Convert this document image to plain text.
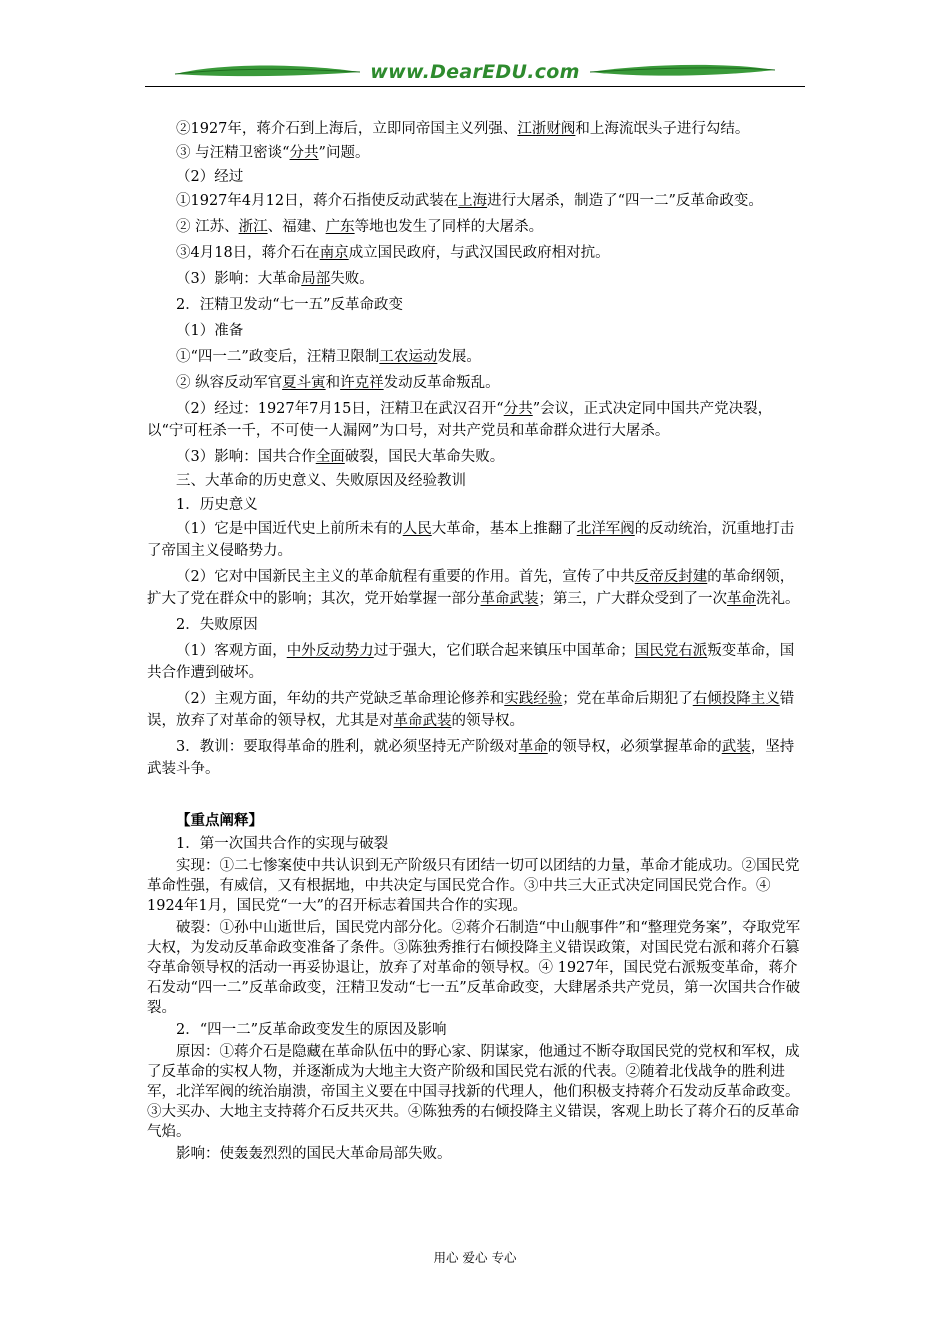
www.DearEDU.com

②1927年，蒋介石到上海后，立即同帝国主义列强、江浙财阀和上海流氓头子进行勾结。

③ 与汪精卫密谈“分共”问题。

（2）经过

①1927年4月12日，蒋介石指使反动武装在上海进行大屠杀，制造了“四一二”反革命政变。

② 江苏、浙江、福建、广东等地也发生了同样的大屠杀。

③4月18日，蒋介石在南京成立国民政府，与武汉国民政府相对抗。

（3）影响：大革命局部失败。

2．汪精卫发动“七一五”反革命政变

（1）准备

①“四一二”政变后，汪精卫限制工农运动发展。

② 纵容反动军官夏斗寅和许克祥发动反革命叛乱。

（2）经过：1927年7月15日，汪精卫在武汉召开“分共”会议，正式决定同中国共产党决裂，以“宁可枉杀一千，不可使一人漏网”为口号，对共产党员和革命群众进行大屠杀。

（3）影响：国共合作全面破裂，国民大革命失败。

三、大革命的历史意义、失败原因及经验教训

1．历史意义

（1）它是中国近代史上前所未有的人民大革命，基本上推翻了北洋军阀的反动统治，沉重地打击了帝国主义侵略势力。

（2）它对中国新民主主义的革命航程有重要的作用。首先，宣传了中共反帝反封建的革命纲领，扩大了党在群众中的影响；其次，党开始掌握一部分革命武装；第三，广大群众受到了一次革命洗礼。

2．失败原因

（1）客观方面，中外反动势力过于强大，它们联合起来镇压中国革命；国民党右派叛变革命，国共合作遭到破坏。

（2）主观方面，年幼的共产党缺乏革命理论修养和实践经验；党在革命后期犯了右倾投降主义错误，放弃了对革命的领导权，尤其是对革命武装的领导权。

3．教训：要取得革命的胜利，就必须坚持无产阶级对革命的领导权，必须掌握革命的武装，坚持武装斗争。

【重点阐释】

1．第一次国共合作的实现与破裂

实现：①二七惨案使中共认识到无产阶级只有团结一切可以团结的力量，革命才能成功。②国民党革命性强，有威信，又有根据地，中共决定与国民党合作。③中共三大正式决定同国民党合作。④ 1924年1月，国民党“一大”的召开标志着国共合作的实现。

破裂：①孙中山逝世后，国民党内部分化。②蒋介石制造“中山舰事件”和“整理党务案”，夺取党军大权，为发动反革命政变准备了条件。③陈独秀推行右倾投降主义错误政策，对国民党右派和蒋介石篡夺革命领导权的活动一再妥协退让，放弃了对革命的领导权。④ 1927年，国民党右派叛变革命，蒋介石发动“四一二”反革命政变，汪精卫发动“七一五”反革命政变，大肆屠杀共产党员，第一次国共合作破裂。

2．“四一二”反革命政变发生的原因及影响

原因：①蒋介石是隐藏在革命队伍中的野心家、阴谋家，他通过不断夺取国民党的党权和军权，成了反革命的实权人物，并逐渐成为大地主大资产阶级和国民党右派的代表。②随着北伐战争的胜利进军，北洋军阀的统治崩溃，帝国主义要在中国寻找新的代理人，他们积极支持蒋介石发动反革命政变。③大买办、大地主支持蒋介石反共灭共。④陈独秀的右倾投降主义错误，客观上助长了蒋介石的反革命气焰。

影响：使轰轰烈烈的国民大革命局部失败。

用心 爱心 专心
